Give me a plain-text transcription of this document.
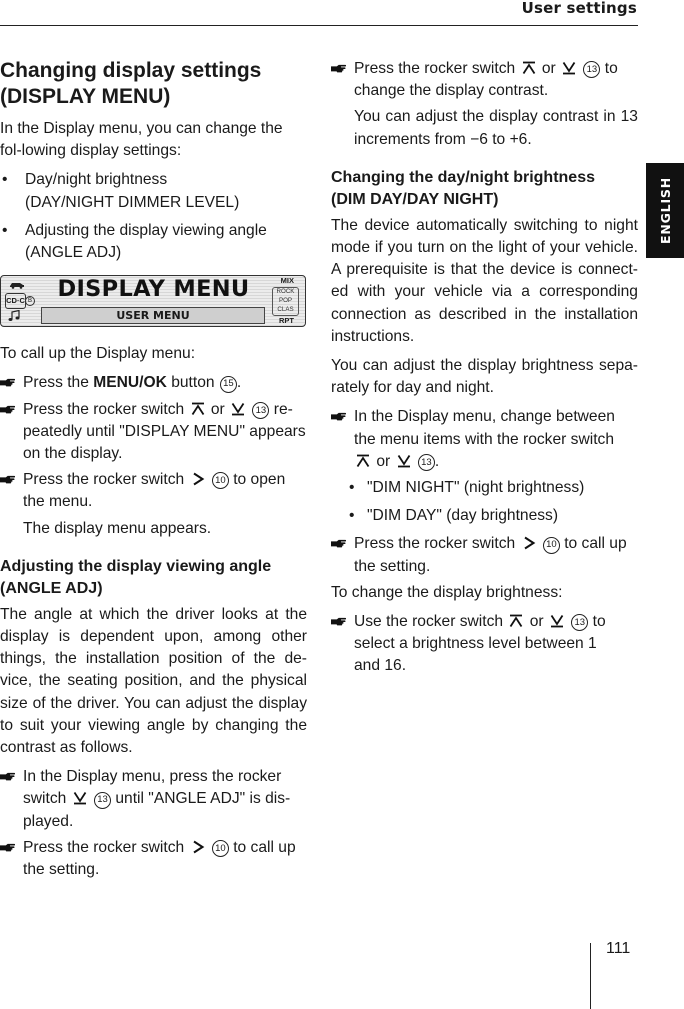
User settings
ENGLISH
Changing display settings
(DISPLAY MENU)

In the Display menu, you can change the fol-lowing display settings:

•	Day/night brightness
(DAY/NIGHT DIMMER LEVEL)
•	Adjusting the display viewing angle
(ANGLE ADJ)
CD·C B	DISPLAY MENU
USER MENU
MIX
ROCK
POP
CLAS
RPT

To call up the Display menu:

Press the MENU/OK button 15 .
Press the rocker switch or	13 re-
peatedly until "DISPLAY MENU" appears on the display.
Press the rocker switch	10 to open
the menu.

The display menu appears.

Adjusting the display viewing angle
(ANGLE ADJ)

The angle at which the driver looks at the display is dependent upon, among other things, the installation position of the de-vice, the seating position, and the physical size of the driver. You can adjust the display to suit your viewing angle by changing the contrast as follows.

In the Display menu, press the rocker
switch	13 until "ANGLE ADJ" is dis-
played.
Press the rocker switch	10 to call up
the setting.
Press the rocker switch or	13 to
change the display contrast.

You can adjust the display contrast in 13 increments from −6 to +6.

Changing the day/night brightness
(DIM DAY/DAY NIGHT)

The device automatically switching to night mode if you turn on the light of your vehicle. A prerequisite is that the device is connect-ed with your vehicle via a corresponding connection as described in the installation instructions.

You can adjust the display brightness sepa-rately for day and night.

In the Display menu, change between
the menu items with the rocker switch
or	13 .
• "DIM NIGHT" (night brightness)
• "DIM DAY" (day brightness)
Press the rocker switch	10 to call up
the setting.

To change the display brightness:

Use the rocker switch or	13 to
select a brightness level between 1
and 16.
111
